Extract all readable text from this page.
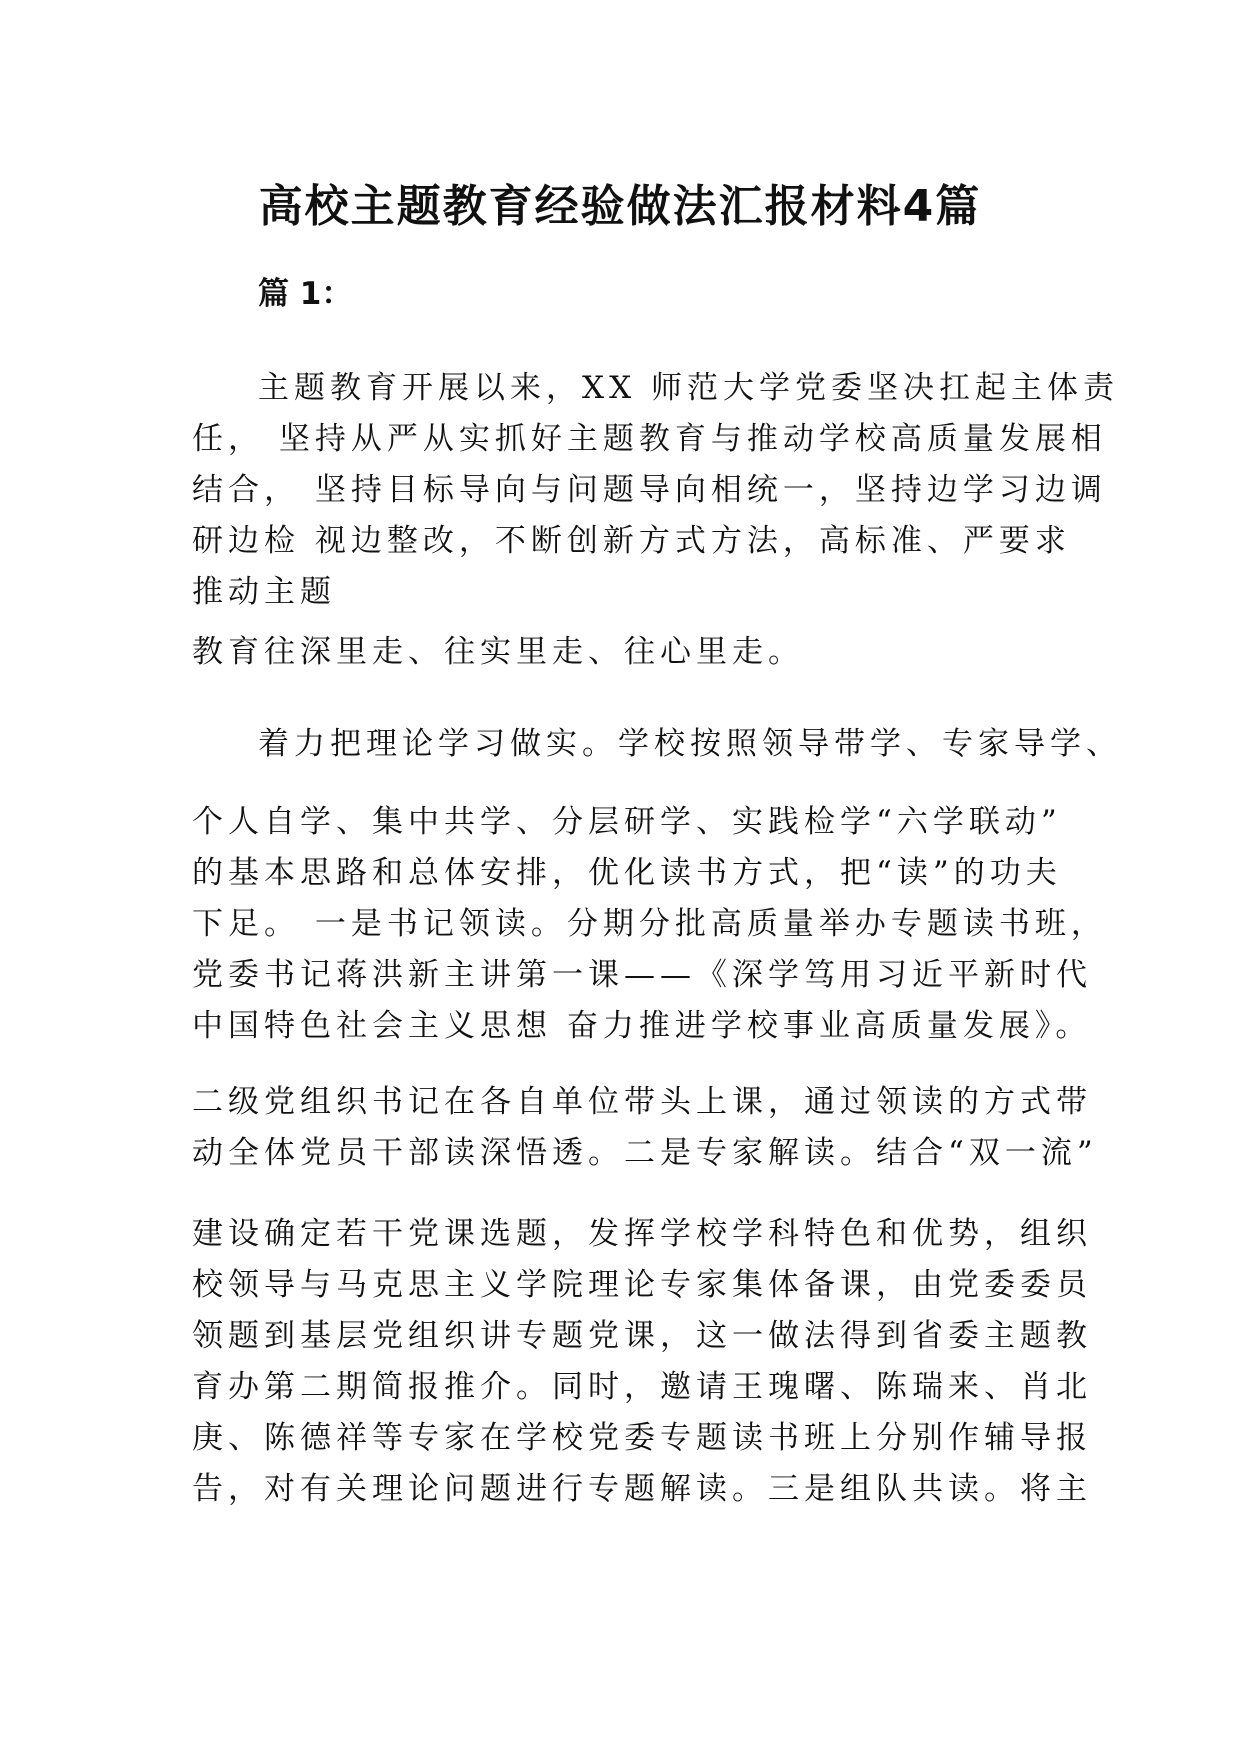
高校主题教育经验做法汇报材料4篇
篇 1：
主题教育开展以来，XX 师范大学党委坚决扛起主体责
任， 坚持从严从实抓好主题教育与推动学校高质量发展相
结合， 坚持目标导向与问题导向相统一，坚持边学习边调
研边检 视边整改，不断创新方式方法，高标准、严要求
推动主题
教育往深里走、往实里走、往心里走。
着力把理论学习做实。学校按照领导带学、专家导学、
个人自学、集中共学、分层研学、实践检学“六学联动”
的基本思路和总体安排，优化读书方式，把“读”的功夫
下足。 一是书记领读。分期分批高质量举办专题读书班，
党委书记蒋洪新主讲第一课——《深学笃用习近平新时代
中国特色社会主义思想 奋力推进学校事业高质量发展》。
二级党组织书记在各自单位带头上课，通过领读的方式带
动全体党员干部读深悟透。二是专家解读。结合“双一流”
建设确定若干党课选题，发挥学校学科特色和优势，组织
校领导与马克思主义学院理论专家集体备课，由党委委员
领题到基层党组织讲专题党课，这一做法得到省委主题教
育办第二期简报推介。同时，邀请王瑰曙、陈瑞来、肖北
庚、陈德祥等专家在学校党委专题读书班上分别作辅导报
告，对有关理论问题进行专题解读。三是组队共读。将主
